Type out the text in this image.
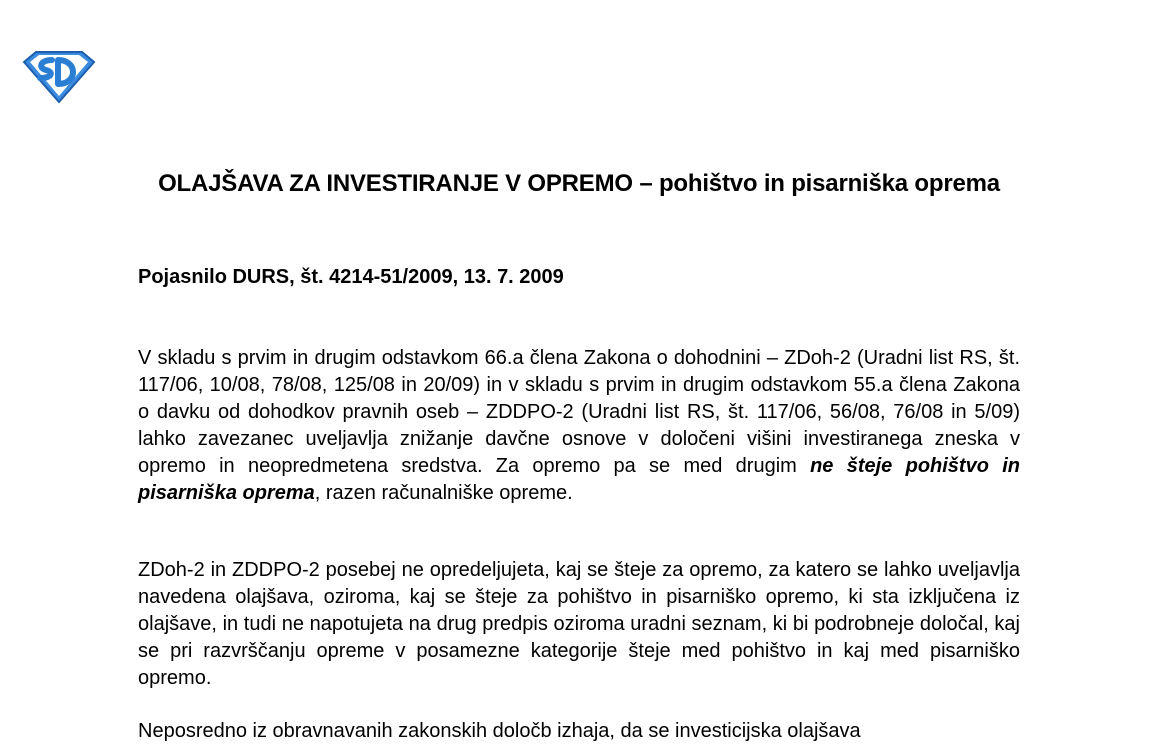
OLAJŠAVA ZA INVESTIRANJE V OPREMO – pohištvo in pisarniška oprema
Pojasnilo DURS, št. 4214-51/2009, 13. 7. 2009
V skladu s prvim in drugim odstavkom 66.a člena Zakona o dohodnini – ZDoh-2 (Uradni list RS, št. 117/06, 10/08, 78/08, 125/08 in 20/09) in v skladu s prvim in drugim odstavkom 55.a člena Zakona o davku od dohodkov pravnih oseb – ZDDPO-2 (Uradni list RS, št. 117/06, 56/08, 76/08 in 5/09) lahko zavezanec uveljavlja znižanje davčne osnove v določeni višini investiranega zneska v opremo in neopredmetena sredstva. Za opremo pa se med drugim ne šteje pohištvo in pisarniška oprema, razen računalniške opreme.
ZDoh-2 in ZDDPO-2 posebej ne opredeljujeta, kaj se šteje za opremo, za katero se lahko uveljavlja navedena olajšava, oziroma, kaj se šteje za pohištvo in pisarniško opremo, ki sta izključena iz olajšave, in tudi ne napotujeta na drug predpis oziroma uradni seznam, ki bi podrobneje določal, kaj se pri razvrščanju opreme v posamezne kategorije šteje med pohištvo in kaj med pisarniško opremo.
Neposredno iz obravnavanih zakonskih določb izhaja, da se investicijska olajšava
